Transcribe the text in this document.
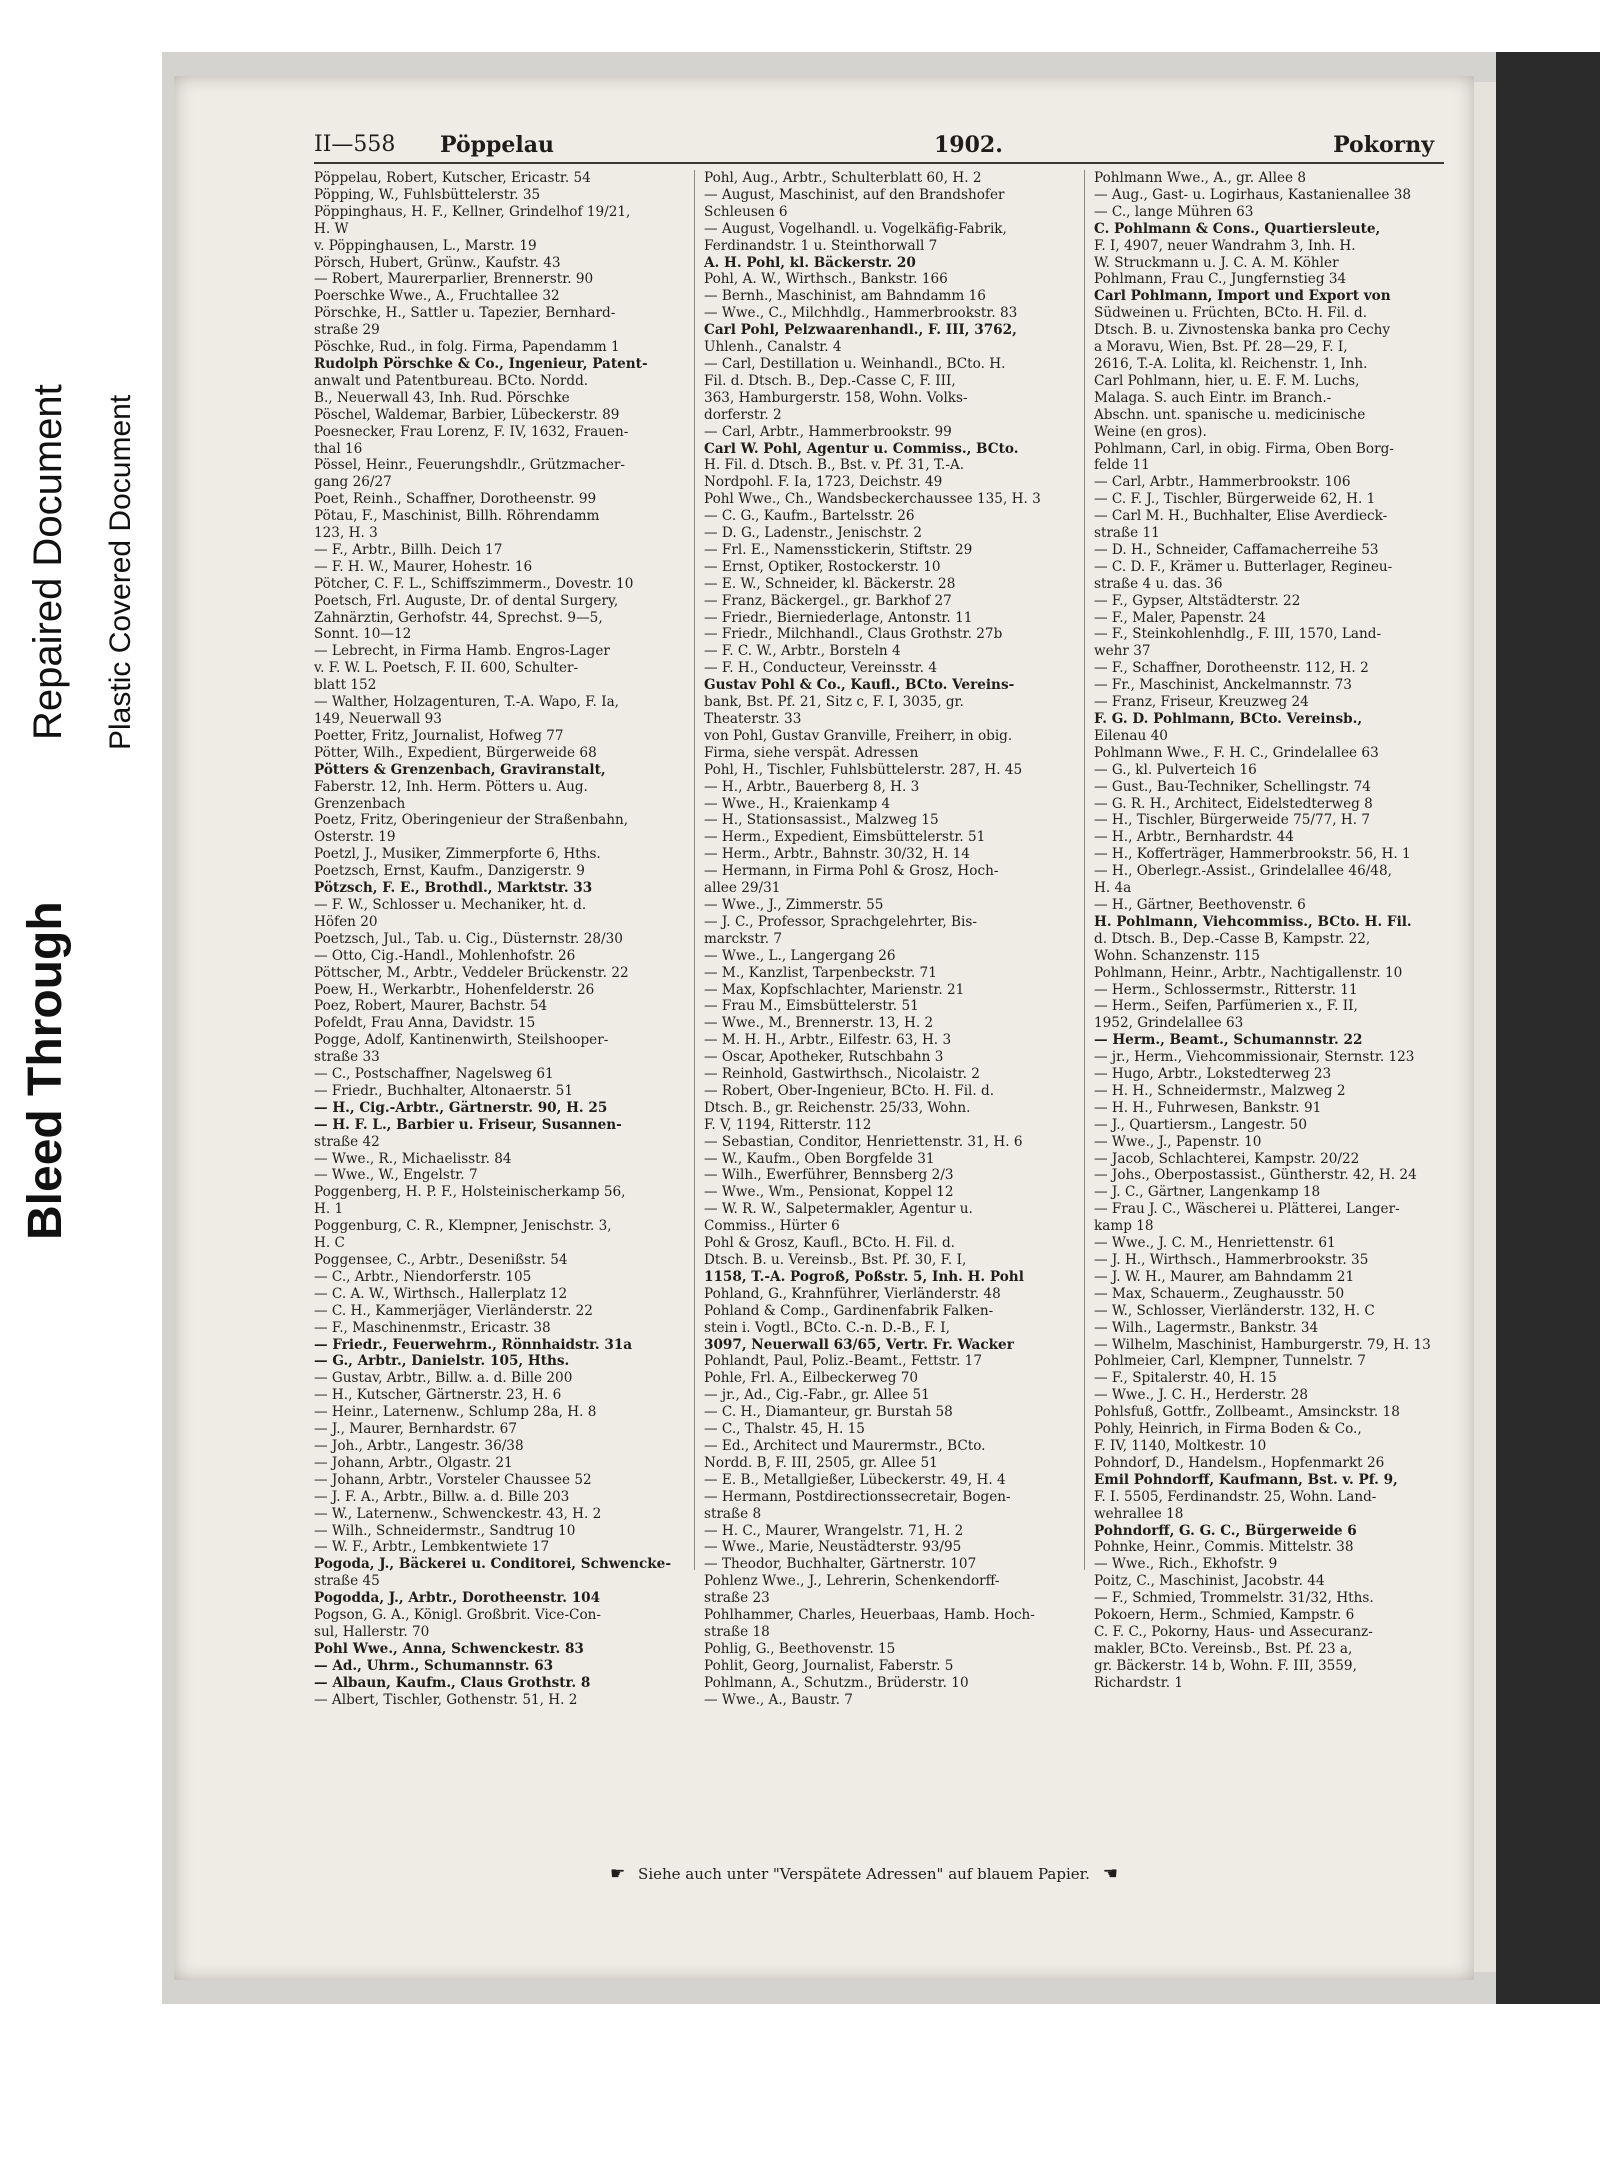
Bleed Through
Repaired Document Plastic Covered Document
II—558 Pöppelau	1902.	Pokorny
Pöppelau, Robert, Kutscher, Ericastr. 54
Pöpping, W., Fuhlsbüttelerstr. 35
Pöppinghaus, H. F., Kellner, Grindelhof 19/21,
H. W
v. Pöppinghausen, L., Marstr. 19
Pörsch, Hubert, Grünw., Kaufstr. 43
— Robert, Maurerparlier, Brennerstr. 90
Poerschke Wwe., A., Fruchtallee 32
Pörschke, H., Sattler u. Tapezier, Bernhard-
straße 29
Pöschke, Rud., in folg. Firma, Papendamm 1
Rudolph Pörschke & Co., Ingenieur, Patent-
anwalt und Patentbureau. BCto. Nordd.
B., Neuerwall 43, Inh. Rud. Pörschke
Pöschel, Waldemar, Barbier, Lübeckerstr. 89
Poesnecker, Frau Lorenz, F. IV, 1632, Frauen-
thal 16
Pössel, Heinr., Feuerungshdlr., Grützmacher-
gang 26/27
Poet, Reinh., Schaffner, Dorotheenstr. 99
Pötau, F., Maschinist, Billh. Röhrendamm
123, H. 3
— F., Arbtr., Billh. Deich 17
— F. H. W., Maurer, Hohestr. 16
Pötcher, C. F. L., Schiffszimmerm., Dovestr. 10
Poetsch, Frl. Auguste, Dr. of dental Surgery,
Zahnärztin, Gerhofstr. 44, Sprechst. 9—5,
Sonnt. 10—12
— Lebrecht, in Firma Hamb. Engros-Lager
v. F. W. L. Poetsch, F. II. 600, Schulter-
blatt 152
— Walther, Holzagenturen, T.-A. Wapo, F. Ia,
149, Neuerwall 93
Poetter, Fritz, Journalist, Hofweg 77
Pötter, Wilh., Expedient, Bürgerweide 68
Pötters & Grenzenbach, Graviranstalt,
Faberstr. 12, Inh. Herm. Pötters u. Aug.
Grenzenbach
Poetz, Fritz, Oberingenieur der Straßenbahn,
Osterstr. 19
Poetzl, J., Musiker, Zimmerpforte 6, Hths.
Poetzsch, Ernst, Kaufm., Danzigerstr. 9
Pötzsch, F. E., Brothdl., Marktstr. 33
— F. W., Schlosser u. Mechaniker, ht. d.
Höfen 20
Poetzsch, Jul., Tab. u. Cig., Düsternstr. 28/30
— Otto, Cig.-Handl., Mohlenhofstr. 26
Pöttscher, M., Arbtr., Veddeler Brückenstr. 22
Poew, H., Werkarbtr., Hohenfelderstr. 26
Poez, Robert, Maurer, Bachstr. 54
Pofeldt, Frau Anna, Davidstr. 15
Pogge, Adolf, Kantinenwirth, Steilshooper-
straße 33
— C., Postschaffner, Nagelsweg 61
— Friedr., Buchhalter, Altonaerstr. 51
— H., Cig.-Arbtr., Gärtnerstr. 90, H. 25
— H. F. L., Barbier u. Friseur, Susannen-
straße 42
— Wwe., R., Michaelisstr. 84
— Wwe., W., Engelstr. 7
Poggenberg, H. P. F., Holsteinischerkamp 56,
H. 1
Poggenburg, C. R., Klempner, Jenischstr. 3,
H. C
Poggensee, C., Arbtr., Desenißstr. 54
— C., Arbtr., Niendorferstr. 105
— C. A. W., Wirthsch., Hallerplatz 12
— C. H., Kammerjäger, Vierländerstr. 22
— F., Maschinenmstr., Ericastr. 38
— Friedr., Feuerwehrm., Rönnhaidstr. 31a
— G., Arbtr., Danielstr. 105, Hths.
— Gustav, Arbtr., Billw. a. d. Bille 200
— H., Kutscher, Gärtnerstr. 23, H. 6
— Heinr., Laternenw., Schlump 28a, H. 8
— J., Maurer, Bernhardstr. 67
— Joh., Arbtr., Langestr. 36/38
— Johann, Arbtr., Olgastr. 21
— Johann, Arbtr., Vorsteler Chaussee 52
— J. F. A., Arbtr., Billw. a. d. Bille 203
— W., Laternenw., Schwenckestr. 43, H. 2
— Wilh., Schneidermstr., Sandtrug 10
— W. F., Arbtr., Lembkentwiete 17
Pogoda, J., Bäckerei u. Conditorei, Schwencke-
straße 45
Pogodda, J., Arbtr., Dorotheenstr. 104
Pogson, G. A., Königl. Großbrit. Vice-Con-
sul, Hallerstr. 70
Pohl Wwe., Anna, Schwenckestr. 83
— Ad., Uhrm., Schumannstr. 63
— Albaun, Kaufm., Claus Grothstr. 8
— Albert, Tischler, Gothenstr. 51, H. 2
Pohl, Aug., Arbtr., Schulterblatt 60, H. 2
— August, Maschinist, auf den Brandshofer
Schleusen 6
— August, Vogelhandl. u. Vogelkäfig-Fabrik,
Ferdinandstr. 1 u. Steinthorwall 7
A. H. Pohl, kl. Bäckerstr. 20
Pohl, A. W., Wirthsch., Bankstr. 166
— Bernh., Maschinist, am Bahndamm 16
— Wwe., C., Milchhdlg., Hammerbrookstr. 83
Carl Pohl, Pelzwaarenhandl., F. III, 3762,
Uhlenh., Canalstr. 4
— Carl, Destillation u. Weinhandl., BCto. H.
Fil. d. Dtsch. B., Dep.-Casse C, F. III,
363, Hamburgerstr. 158, Wohn. Volks-
dorferstr. 2
— Carl, Arbtr., Hammerbrookstr. 99
Carl W. Pohl, Agentur u. Commiss., BCto.
H. Fil. d. Dtsch. B., Bst. v. Pf. 31, T.-A.
Nordpohl. F. Ia, 1723, Deichstr. 49
Pohl Wwe., Ch., Wandsbeckerchaussee 135, H. 3
— C. G., Kaufm., Bartelsstr. 26
— D. G., Ladenstr., Jenischstr. 2
— Frl. E., Namensstickerin, Stiftstr. 29
— Ernst, Optiker, Rostockerstr. 10
— E. W., Schneider, kl. Bäckerstr. 28
— Franz, Bäckergel., gr. Barkhof 27
— Friedr., Bierniederlage, Antonstr. 11
— Friedr., Milchhandl., Claus Grothstr. 27b
— F. C. W., Arbtr., Borsteln 4
— F. H., Conducteur, Vereinsstr. 4
Gustav Pohl & Co., Kaufl., BCto. Vereins-
bank, Bst. Pf. 21, Sitz c, F. I, 3035, gr.
Theaterstr. 33
von Pohl, Gustav Granville, Freiherr, in obig.
Firma, siehe verspät. Adressen
Pohl, H., Tischler, Fuhlsbüttelerstr. 287, H. 45
— H., Arbtr., Bauerberg 8, H. 3
— Wwe., H., Kraienkamp 4
— H., Stationsassist., Malzweg 15
— Herm., Expedient, Eimsbüttelerstr. 51
— Herm., Arbtr., Bahnstr. 30/32, H. 14
— Hermann, in Firma Pohl & Grosz, Hoch-
allee 29/31
— Wwe., J., Zimmerstr. 55
— J. C., Professor, Sprachgelehrter, Bis-
marckstr. 7
— Wwe., L., Langergang 26
— M., Kanzlist, Tarpenbeckstr. 71
— Max, Kopfschlachter, Marienstr. 21
— Frau M., Eimsbüttelerstr. 51
— Wwe., M., Brennerstr. 13, H. 2
— M. H. H., Arbtr., Eilfestr. 63, H. 3
— Oscar, Apotheker, Rutschbahn 3
— Reinhold, Gastwirthsch., Nicolaistr. 2
— Robert, Ober-Ingenieur, BCto. H. Fil. d.
Dtsch. B., gr. Reichenstr. 25/33, Wohn.
F. V, 1194, Ritterstr. 112
— Sebastian, Conditor, Henriettenstr. 31, H. 6
— W., Kaufm., Oben Borgfelde 31
— Wilh., Ewerführer, Bennsberg 2/3
— Wwe., Wm., Pensionat, Koppel 12
— W. R. W., Salpetermakler, Agentur u.
Commiss., Hürter 6
Pohl & Grosz, Kaufl., BCto. H. Fil. d.
Dtsch. B. u. Vereinsb., Bst. Pf. 30, F. I,
1158, T.-A. Pogroß, Poßstr. 5, Inh. H. Pohl
Pohland, G., Krahnführer, Vierländerstr. 48
Pohland & Comp., Gardinenfabrik Falken-
stein i. Vogtl., BCto. C.-n. D.-B., F. I,
3097, Neuerwall 63/65, Vertr. Fr. Wacker
Pohlandt, Paul, Poliz.-Beamt., Fettstr. 17
Pohle, Frl. A., Eilbeckerweg 70
— jr., Ad., Cig.-Fabr., gr. Allee 51
— C. H., Diamanteur, gr. Burstah 58
— C., Thalstr. 45, H. 15
— Ed., Architect und Maurermstr., BCto.
Nordd. B, F. III, 2505, gr. Allee 51
— E. B., Metallgießer, Lübeckerstr. 49, H. 4
— Hermann, Postdirectionssecretair, Bogen-
straße 8
— H. C., Maurer, Wrangelstr. 71, H. 2
— Wwe., Marie, Neustädterstr. 93/95
— Theodor, Buchhalter, Gärtnerstr. 107
Pohlenz Wwe., J., Lehrerin, Schenkendorff-
straße 23
Pohlhammer, Charles, Heuerbaas, Hamb. Hoch-
straße 18
Pohlig, G., Beethovenstr. 15
Pohlit, Georg, Journalist, Faberstr. 5
Pohlmann, A., Schutzm., Brüderstr. 10
— Wwe., A., Baustr. 7
Pohlmann Wwe., A., gr. Allee 8
— Aug., Gast- u. Logirhaus, Kastanienallee 38
— C., lange Mühren 63
C. Pohlmann & Cons., Quartiersleute,
F. I, 4907, neuer Wandrahm 3, Inh. H.
W. Struckmann u. J. C. A. M. Köhler
Pohlmann, Frau C., Jungfernstieg 34
Carl Pohlmann, Import und Export von
Südweinen u. Früchten, BCto. H. Fil. d.
Dtsch. B. u. Zivnostenska banka pro Cechy
a Moravu, Wien, Bst. Pf. 28—29, F. I,
2616, T.-A. Lolita, kl. Reichenstr. 1, Inh.
Carl Pohlmann, hier, u. E. F. M. Luchs,
Malaga. S. auch Eintr. im Branch.-
Abschn. unt. spanische u. medicinische
Weine (en gros).
Pohlmann, Carl, in obig. Firma, Oben Borg-
felde 11
— Carl, Arbtr., Hammerbrookstr. 106
— C. F. J., Tischler, Bürgerweide 62, H. 1
— Carl M. H., Buchhalter, Elise Averdieck-
straße 11
— D. H., Schneider, Caffamacherreihe 53
— C. D. F., Krämer u. Butterlager, Regineu-
straße 4 u. das. 36
— F., Gypser, Altstädterstr. 22
— F., Maler, Papenstr. 24
— F., Steinkohlenhdlg., F. III, 1570, Land-
wehr 37
— F., Schaffner, Dorotheenstr. 112, H. 2
— Fr., Maschinist, Anckelmannstr. 73
— Franz, Friseur, Kreuzweg 24
F. G. D. Pohlmann, BCto. Vereinsb.,
Eilenau 40
Pohlmann Wwe., F. H. C., Grindelallee 63
— G., kl. Pulverteich 16
— Gust., Bau-Techniker, Schellingstr. 74
— G. R. H., Architect, Eidelstedterweg 8
— H., Tischler, Bürgerweide 75/77, H. 7
— H., Arbtr., Bernhardstr. 44
— H., Kofferträger, Hammerbrookstr. 56, H. 1
— H., Oberlegr.-Assist., Grindelallee 46/48,
H. 4a
— H., Gärtner, Beethovenstr. 6
H. Pohlmann, Viehcommiss., BCto. H. Fil.
d. Dtsch. B., Dep.-Casse B, Kampstr. 22,
Wohn. Schanzenstr. 115
Pohlmann, Heinr., Arbtr., Nachtigallenstr. 10
— Herm., Schlossermstr., Ritterstr. 11
— Herm., Seifen, Parfümerien x., F. II,
1952, Grindelallee 63
— Herm., Beamt., Schumannstr. 22
— jr., Herm., Viehcommissionair, Sternstr. 123
— Hugo, Arbtr., Lokstedterweg 23
— H. H., Schneidermstr., Malzweg 2
— H. H., Fuhrwesen, Bankstr. 91
— J., Quartiersm., Langestr. 50
— Wwe., J., Papenstr. 10
— Jacob, Schlachterei, Kampstr. 20/22
— Johs., Oberpostassist., Güntherstr. 42, H. 24
— J. C., Gärtner, Langenkamp 18
— Frau J. C., Wäscherei u. Plätterei, Langer-
kamp 18
— Wwe., J. C. M., Henriettenstr. 61
— J. H., Wirthsch., Hammerbrookstr. 35
— J. W. H., Maurer, am Bahndamm 21
— Max, Schauerm., Zeughausstr. 50
— W., Schlosser, Vierländerstr. 132, H. C
— Wilh., Lagermstr., Bankstr. 34
— Wilhelm, Maschinist, Hamburgerstr. 79, H. 13
Pohlmeier, Carl, Klempner, Tunnelstr. 7
— F., Spitalerstr. 40, H. 15
— Wwe., J. C. H., Herderstr. 28
Pohlsfuß, Gottfr., Zollbeamt., Amsinckstr. 18
Pohly, Heinrich, in Firma Boden & Co.,
F. IV, 1140, Moltkestr. 10
Pohndorf, D., Handelsm., Hopfenmarkt 26
Emil Pohndorff, Kaufmann, Bst. v. Pf. 9,
F. I. 5505, Ferdinandstr. 25, Wohn. Land-
wehrallee 18
Pohndorff, G. G. C., Bürgerweide 6
Pohnke, Heinr., Commis. Mittelstr. 38
— Wwe., Rich., Ekhofstr. 9
Poitz, C., Maschinist, Jacobstr. 44
— F., Schmied, Trommelstr. 31/32, Hths.
Pokoern, Herm., Schmied, Kampstr. 6
C. F. C., Pokorny, Haus- und Assecuranz-
makler, BCto. Vereinsb., Bst. Pf. 23 a,
gr. Bäckerstr. 14 b, Wohn. F. III, 3559,
Richardstr. 1
☛ Siehe auch unter "Verspätete Adressen" auf blauem Papier. ☚
